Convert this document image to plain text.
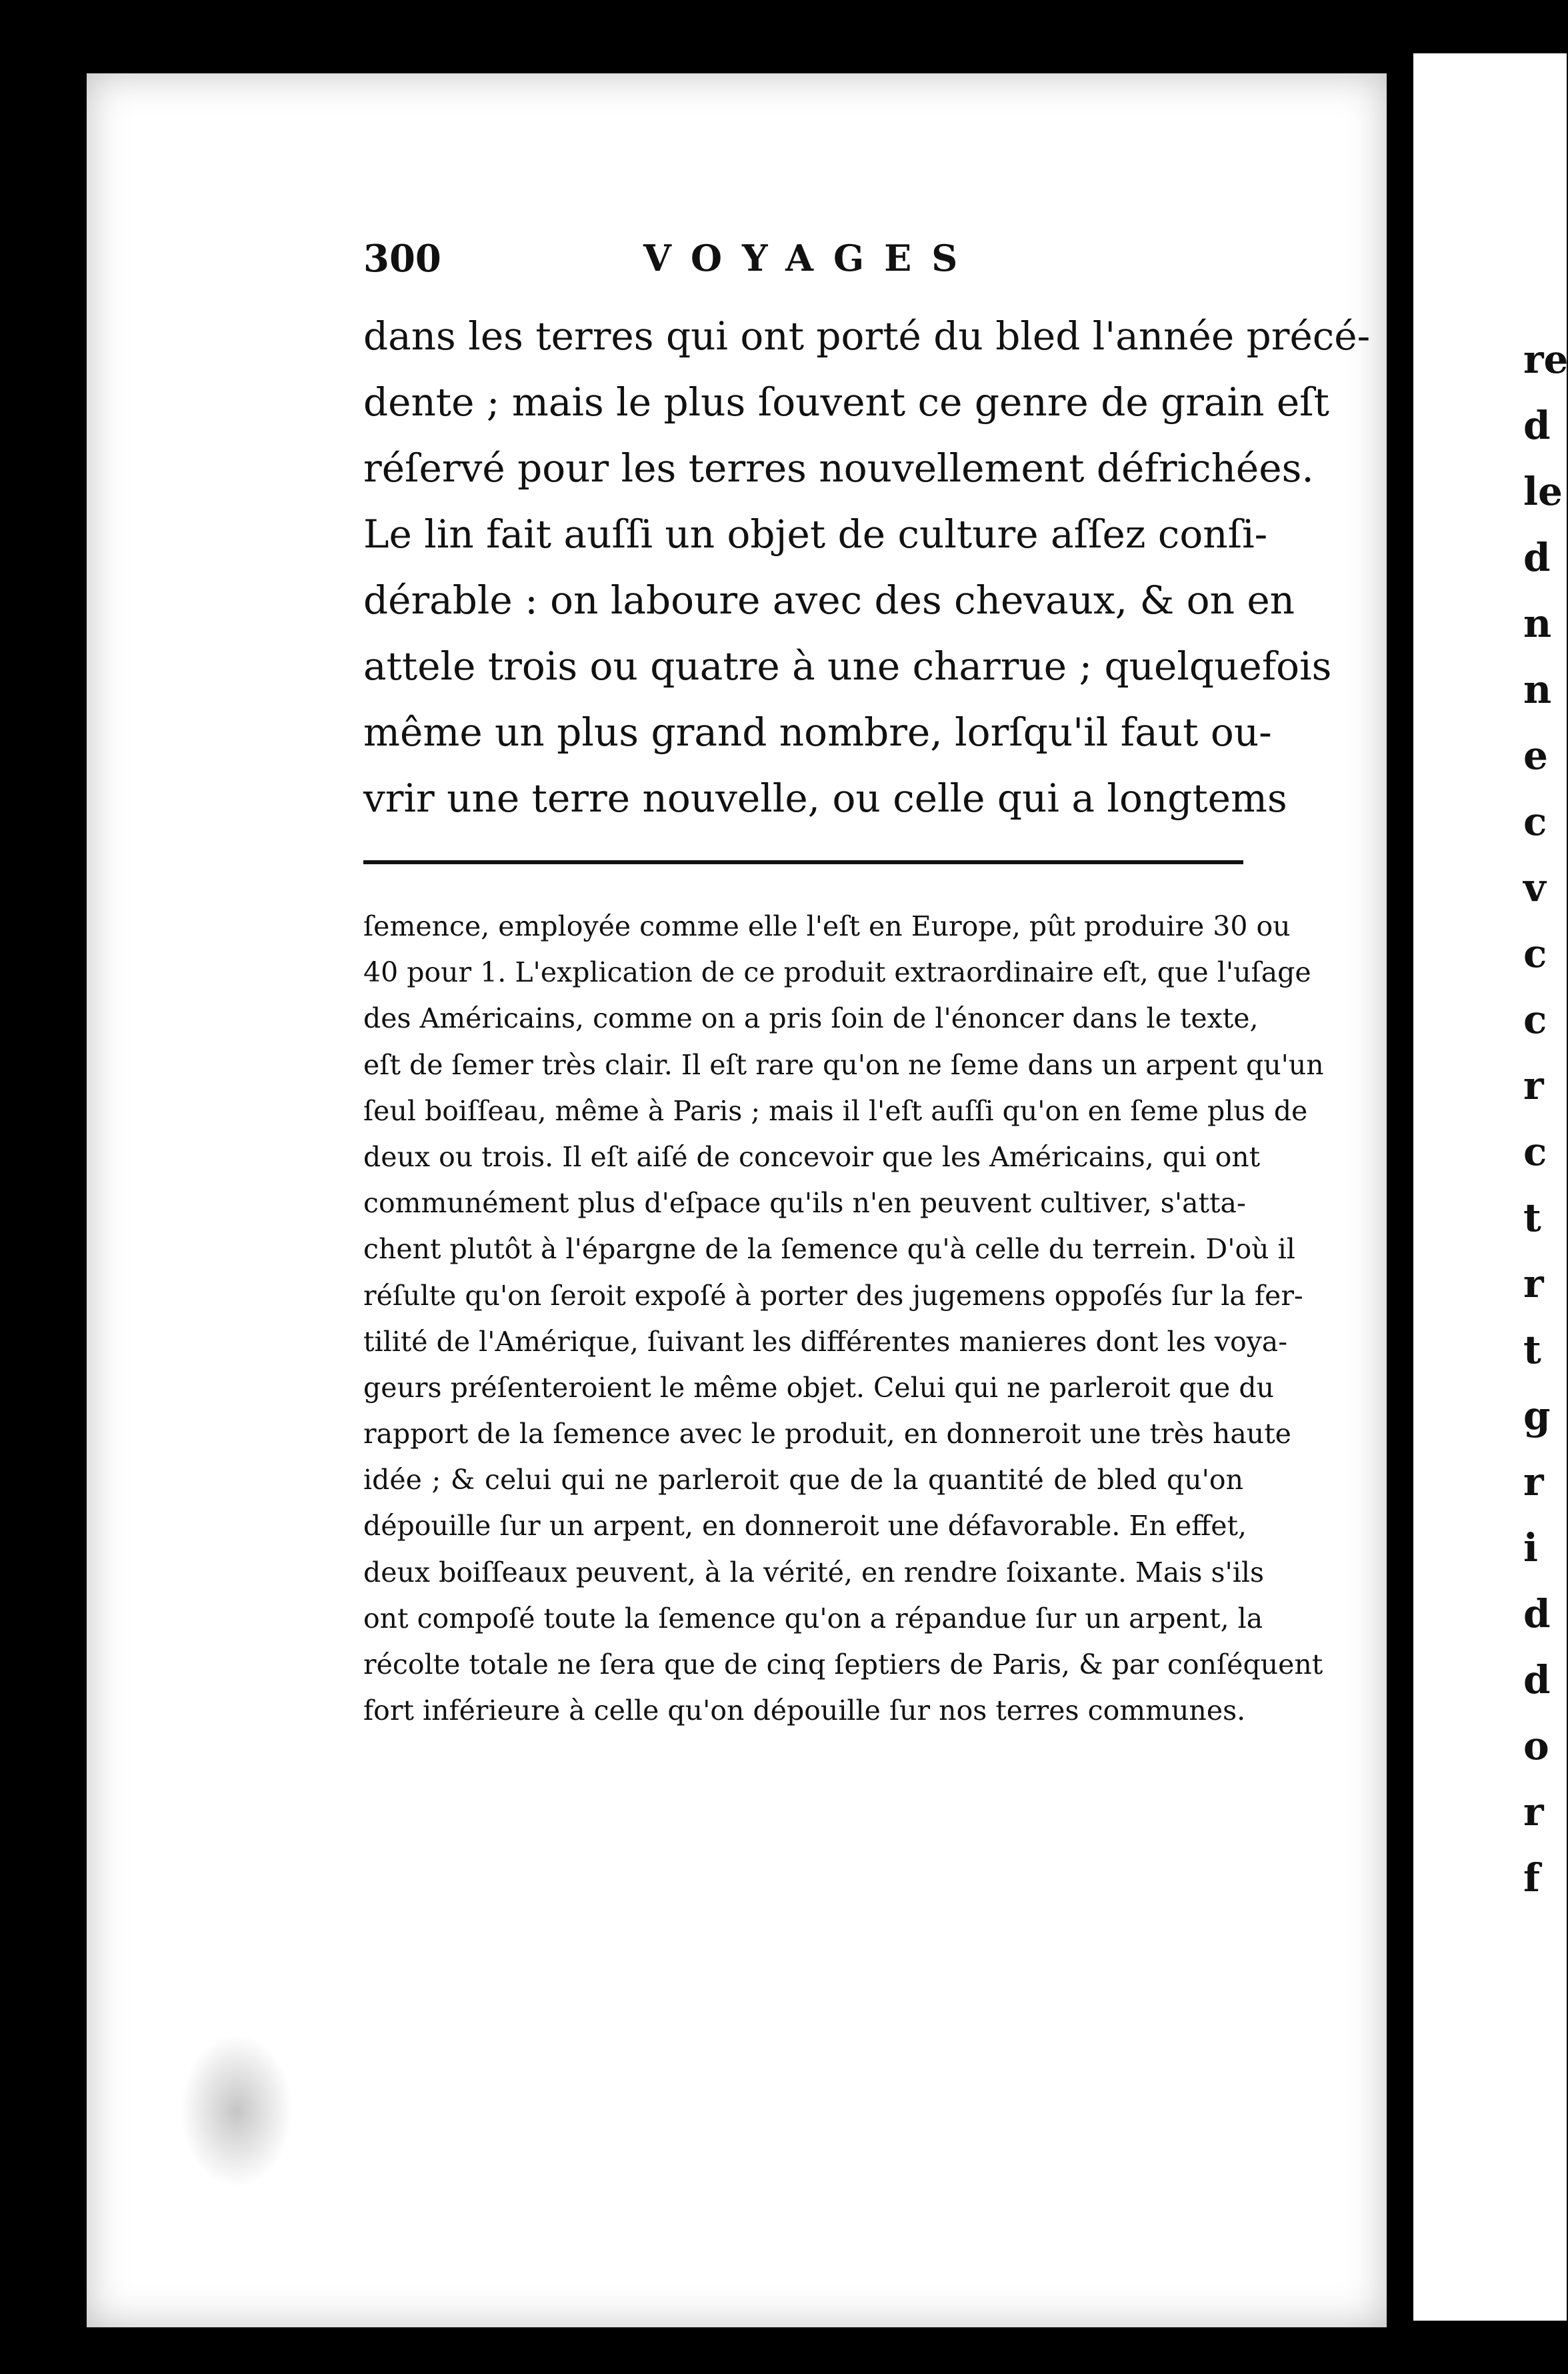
300	VOYAGES
dans les terres qui ont porté du bled l'année précé-
dente ; mais le plus ſouvent ce genre de grain eſt
réſervé pour les terres nouvellement défrichées.
Le lin fait auſſi un objet de culture aſſez conſi-
dérable : on laboure avec des chevaux, & on en
attele trois ou quatre à une charrue ; quelquefois
même un plus grand nombre, lorſqu'il faut ou-
vrir une terre nouvelle, ou celle qui a longtems
ſemence, employée comme elle l'eſt en Europe, pût produire 30 ou
40 pour 1. L'explication de ce produit extraordinaire eſt, que l'uſage
des Américains, comme on a pris ſoin de l'énoncer dans le texte,
eſt de ſemer très clair. Il eſt rare qu'on ne ſeme dans un arpent qu'un
ſeul boiſſeau, même à Paris ; mais il l'eſt auſſi qu'on en ſeme plus de
deux ou trois. Il eſt aiſé de concevoir que les Américains, qui ont
communément plus d'eſpace qu'ils n'en peuvent cultiver, s'atta-
chent plutôt à l'épargne de la ſemence qu'à celle du terrein. D'où il
réſulte qu'on ſeroit expoſé à porter des jugemens oppoſés ſur la fer-
tilité de l'Amérique, ſuivant les différentes manieres dont les voya-
geurs préſenteroient le même objet. Celui qui ne parleroit que du
rapport de la ſemence avec le produit, en donneroit une très haute
idée ; & celui qui ne parleroit que de la quantité de bled qu'on
dépouille ſur un arpent, en donneroit une défavorable. En effet,
deux boiſſeaux peuvent, à la vérité, en rendre ſoixante. Mais s'ils
ont compoſé toute la ſemence qu'on a répandue ſur un arpent, la
récolte totale ne ſera que de cinq ſeptiers de Paris, & par conſéquent
fort inférieure à celle qu'on dépouille ſur nos terres communes.
re
d
le
d
n
n
e
c
v
c
c
r
c
t
r
t
g
r
i
d
d
o
r
f
